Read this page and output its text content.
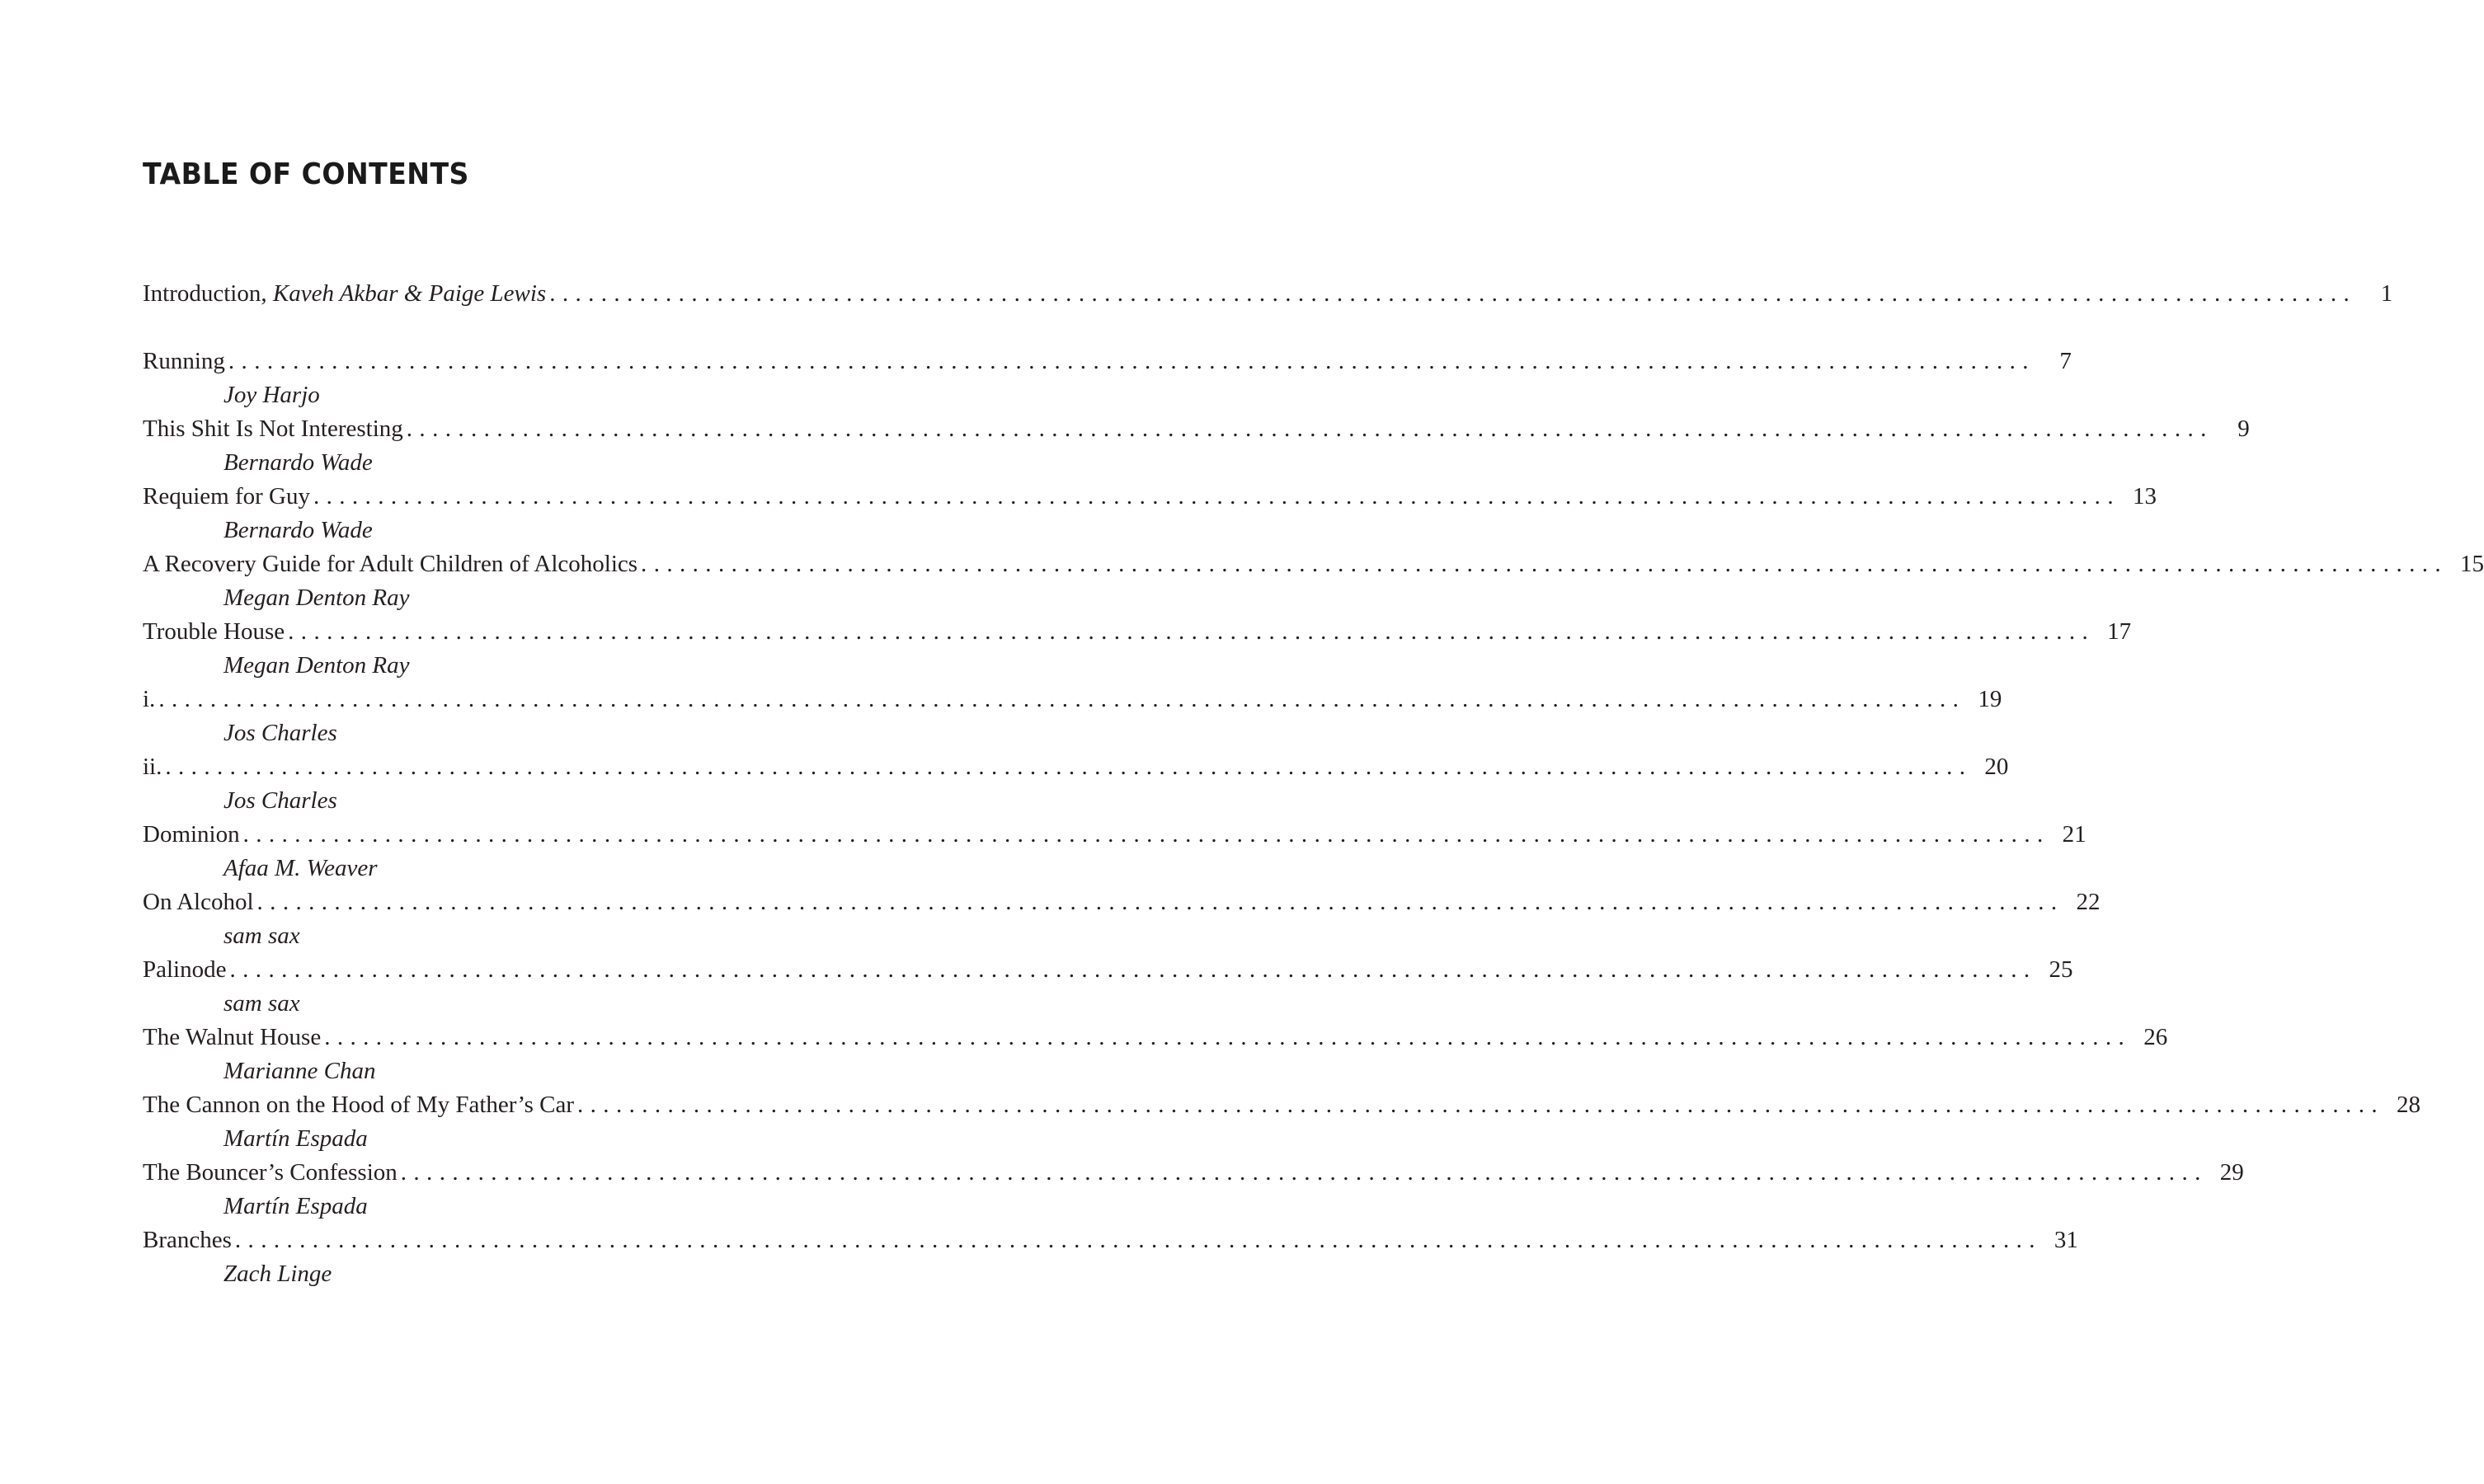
TABLE OF CONTENTS
Introduction, Kaveh Akbar & Paige Lewis ............................................................................................................................................	1
Running ............................................................................................................................................	7
Joy Harjo
This Shit Is Not Interesting ............................................................................................................................................	9
Bernardo Wade
Requiem for Guy ............................................................................................................................................ 13
Bernardo Wade
A Recovery Guide for Adult Children of Alcoholics ............................................................................................................................................ 15
Megan Denton Ray
Trouble House ............................................................................................................................................ 17
Megan Denton Ray
i. ............................................................................................................................................ 19
Jos Charles
ii. ............................................................................................................................................ 20
Jos Charles
Dominion ............................................................................................................................................ 21
Afaa M. Weaver
On Alcohol ............................................................................................................................................ 22
sam sax
Palinode ............................................................................................................................................ 25
sam sax
The Walnut House ............................................................................................................................................ 26
Marianne Chan
The Cannon on the Hood of My Father’s Car ............................................................................................................................................ 28
Martín Espada
The Bouncer’s Confession ............................................................................................................................................ 29
Martín Espada
Branches ............................................................................................................................................ 31
Zach Linge
